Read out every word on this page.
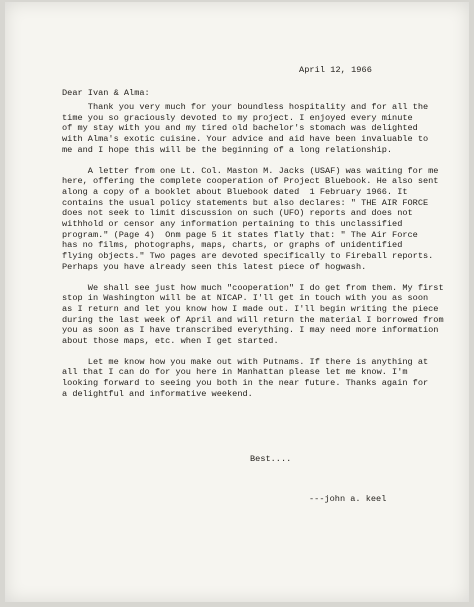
April 12, 1966
Dear Ivan & Alma:
Thank you very much for your boundless hospitality and for all the
time you so graciously devoted to my project. I enjoyed every minute
of my stay with you and my tired old bachelor's stomach was delighted
with Alma's exotic cuisine. Your advice and aid have been invaluable to
me and I hope this will be the beginning of a long relationship.
A letter from one Lt. Col. Maston M. Jacks (USAF) was waiting for me
here, offering the complete cooperation of Project Bluebook. He also sent
along a copy of a booklet about Bluebook dated  1 February 1966. It
contains the usual policy statements but also declares: " THE AIR FORCE
does not seek to limit discussion on such (UFO) reports and does not
withhold or censor any information pertaining to this unclassified
program." (Page 4)  Onm page 5 it states flatly that: " The Air Force
has no films, photographs, maps, charts, or graphs of unidentified
flying objects." Two pages are devoted specifically to Fireball reports.
Perhaps you have already seen this latest piece of hogwash.
We shall see just how much "cooperation" I do get from them. My first
stop in Washington will be at NICAP. I'll get in touch with you as soon
as I return and let you know how I made out. I'll begin writing the piece
during the last week of April and will return the material I borrowed from
you as soon as I have transcribed everything. I may need more information
about those maps, etc. when I get started.
Let me know how you make out with Putnams. If there is anything at
all that I can do for you here in Manhattan please let me know. I'm
looking forward to seeing you both in the near future. Thanks again for
a delightful and informative weekend.
Best....
---john a. keel
